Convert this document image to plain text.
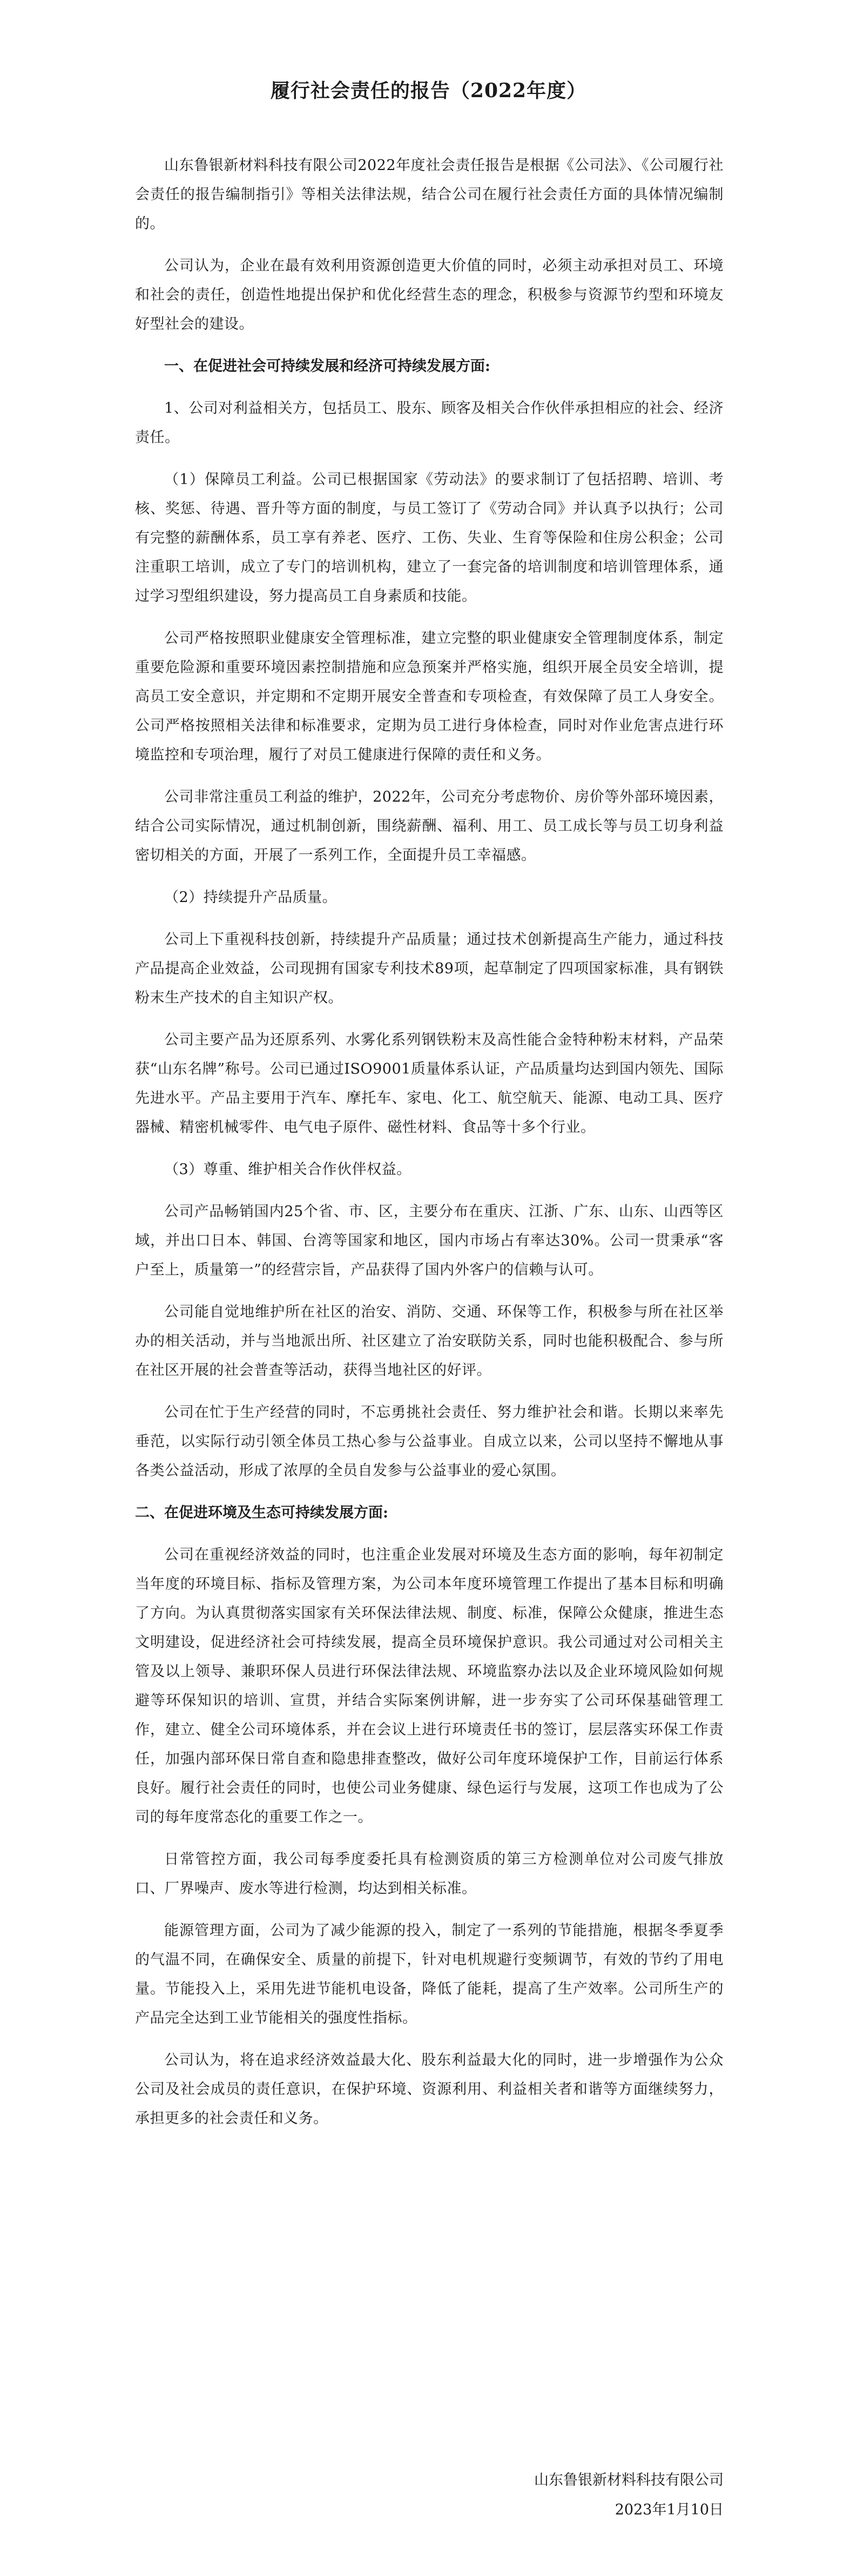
履行社会责任的报告（2022年度）

山东鲁银新材料科技有限公司2022年度社会责任报告是根据《公司法》、《公司履行社会责任的报告编制指引》等相关法律法规，结合公司在履行社会责任方面的具体情况编制的。

公司认为，企业在最有效利用资源创造更大价值的同时，必须主动承担对员工、环境和社会的责任，创造性地提出保护和优化经营生态的理念，积极参与资源节约型和环境友好型社会的建设。

一、在促进社会可持续发展和经济可持续发展方面:

1、公司对利益相关方，包括员工、股东、顾客及相关合作伙伴承担相应的社会、经济责任。

（1）保障员工利益。公司已根据国家《劳动法》的要求制订了包括招聘、培训、考核、奖惩、待遇、晋升等方面的制度，与员工签订了《劳动合同》并认真予以执行；公司有完整的薪酬体系，员工享有养老、医疗、工伤、失业、生育等保险和住房公积金；公司注重职工培训，成立了专门的培训机构，建立了一套完备的培训制度和培训管理体系，通过学习型组织建设，努力提高员工自身素质和技能。

公司严格按照职业健康安全管理标准，建立完整的职业健康安全管理制度体系，制定重要危险源和重要环境因素控制措施和应急预案并严格实施，组织开展全员安全培训，提高员工安全意识，并定期和不定期开展安全普查和专项检查，有效保障了员工人身安全。公司严格按照相关法律和标准要求，定期为员工进行身体检查，同时对作业危害点进行环境监控和专项治理，履行了对员工健康进行保障的责任和义务。

公司非常注重员工利益的维护，2022年，公司充分考虑物价、房价等外部环境因素，结合公司实际情况，通过机制创新，围绕薪酬、福利、用工、员工成长等与员工切身利益密切相关的方面，开展了一系列工作，全面提升员工幸福感。

（2）持续提升产品质量。

公司上下重视科技创新，持续提升产品质量；通过技术创新提高生产能力，通过科技产品提高企业效益，公司现拥有国家专利技术89项，起草制定了四项国家标准，具有钢铁粉末生产技术的自主知识产权。

公司主要产品为还原系列、水雾化系列钢铁粉末及高性能合金特种粉末材料，产品荣获“山东名牌”称号。公司已通过ISO9001质量体系认证，产品质量均达到国内领先、国际先进水平。产品主要用于汽车、摩托车、家电、化工、航空航天、能源、电动工具、医疗器械、精密机械零件、电气电子原件、磁性材料、食品等十多个行业。

（3）尊重、维护相关合作伙伴权益。

公司产品畅销国内25个省、市、区，主要分布在重庆、江浙、广东、山东、山西等区域，并出口日本、韩国、台湾等国家和地区，国内市场占有率达30%。公司一贯秉承“客户至上，质量第一”的经营宗旨，产品获得了国内外客户的信赖与认可。

公司能自觉地维护所在社区的治安、消防、交通、环保等工作，积极参与所在社区举办的相关活动，并与当地派出所、社区建立了治安联防关系，同时也能积极配合、参与所在社区开展的社会普查等活动，获得当地社区的好评。

公司在忙于生产经营的同时，不忘勇挑社会责任、努力维护社会和谐。长期以来率先垂范，以实际行动引领全体员工热心参与公益事业。自成立以来，公司以坚持不懈地从事各类公益活动，形成了浓厚的全员自发参与公益事业的爱心氛围。

二、在促进环境及生态可持续发展方面:

公司在重视经济效益的同时，也注重企业发展对环境及生态方面的影响，每年初制定当年度的环境目标、指标及管理方案，为公司本年度环境管理工作提出了基本目标和明确了方向。为认真贯彻落实国家有关环保法律法规、制度、标准，保障公众健康，推进生态文明建设，促进经济社会可持续发展，提高全员环境保护意识。我公司通过对公司相关主管及以上领导、兼职环保人员进行环保法律法规、环境监察办法以及企业环境风险如何规避等环保知识的培训、宣贯，并结合实际案例讲解，进一步夯实了公司环保基础管理工作，建立、健全公司环境体系，并在会议上进行环境责任书的签订，层层落实环保工作责任，加强内部环保日常自查和隐患排查整改，做好公司年度环境保护工作，目前运行体系良好。履行社会责任的同时，也使公司业务健康、绿色运行与发展，这项工作也成为了公司的每年度常态化的重要工作之一。

日常管控方面，我公司每季度委托具有检测资质的第三方检测单位对公司废气排放口、厂界噪声、废水等进行检测，均达到相关标准。

能源管理方面，公司为了减少能源的投入，制定了一系列的节能措施，根据冬季夏季的气温不同，在确保安全、质量的前提下，针对电机规避行变频调节，有效的节约了用电量。节能投入上，采用先进节能机电设备，降低了能耗，提高了生产效率。公司所生产的产品完全达到工业节能相关的强度性指标。

公司认为，将在追求经济效益最大化、股东利益最大化的同时，进一步增强作为公众公司及社会成员的责任意识，在保护环境、资源利用、利益相关者和谐等方面继续努力，承担更多的社会责任和义务。

山东鲁银新材料科技有限公司

2023年1月10日
